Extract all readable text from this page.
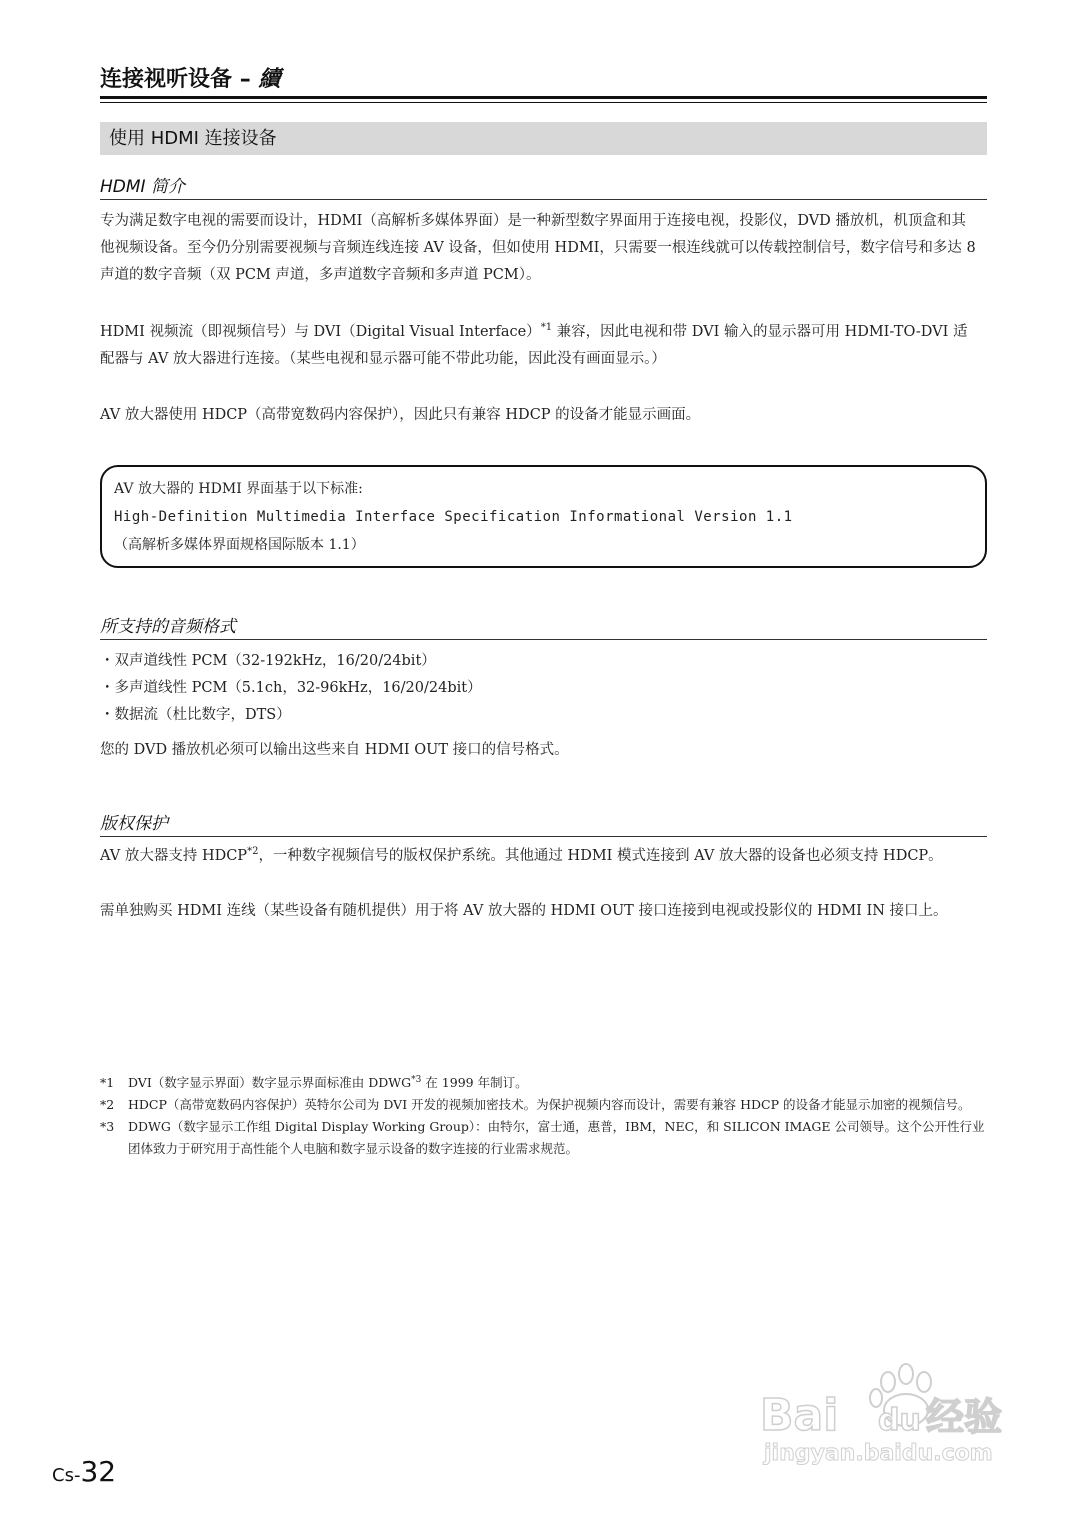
连接视听设备 – 續
使用 HDMI 连接设备
HDMI 简介

专为满足数字电视的需要而设计，HDMI（高解析多媒体界面）是一种新型数字界面用于连接电视，投影仪，DVD 播放机，机顶盒和其他视频设备。至今仍分别需要视频与音频连线连接 AV 设备，但如使用 HDMI，只需要一根连线就可以传载控制信号，数字信号和多达 8 声道的数字音频（双 PCM 声道，多声道数字音频和多声道 PCM）。

HDMI 视频流（即视频信号）与 DVI（Digital Visual Interface）$^{*1}$ 兼容，因此电视和带 DVI 输入的显示器可用 HDMI-TO-DVI 适配器与 AV 放大器进行连接。（某些电视和显示器可能不带此功能，因此没有画面显示。）

AV 放大器使用 HDCP（高带宽数码内容保护），因此只有兼容 HDCP 的设备才能显示画面。

AV 放大器的 HDMI 界面基于以下标准:
High-Definition Multimedia Interface Specification Informational Version 1.1
（高解析多媒体界面规格国际版本 1.1）
所支持的音频格式
・双声道线性 PCM（32-192kHz，16/20/24bit）
・多声道线性 PCM（5.1ch，32-96kHz，16/20/24bit）
・数据流（杜比数字，DTS）

您的 DVD 播放机必须可以输出这些来自 HDMI OUT 接口的信号格式。

版权保护

AV 放大器支持 HDCP$^{*2}$，一种数字视频信号的版权保护系统。其他通过 HDMI 模式连接到 AV 放大器的设备也必须支持 HDCP。

需单独购买 HDMI 连线（某些设备有随机提供）用于将 AV 放大器的 HDMI OUT 接口连接到电视或投影仪的 HDMI IN 接口上。

*1	DVI（数字显示界面）数字显示界面标准由 DDWG$^{*3}$ 在 1999 年制订。
*2	HDCP（高带宽数码内容保护）英特尔公司为 DVI 开发的视频加密技术。为保护视频内容而设计，需要有兼容 HDCP 的设备才能显示加密的视频信号。
*3	DDWG（数字显示工作组 Digital Display Working Group）：由特尔，富士通，惠普，IBM，NEC，和 SILICON IMAGE 公司领导。这个公开性行业团体致力于研究用于高性能个人电脑和数字显示设备的数字连接的行业需求规范。
Cs-32
Bai du 经验
jingyan.baidu.com
